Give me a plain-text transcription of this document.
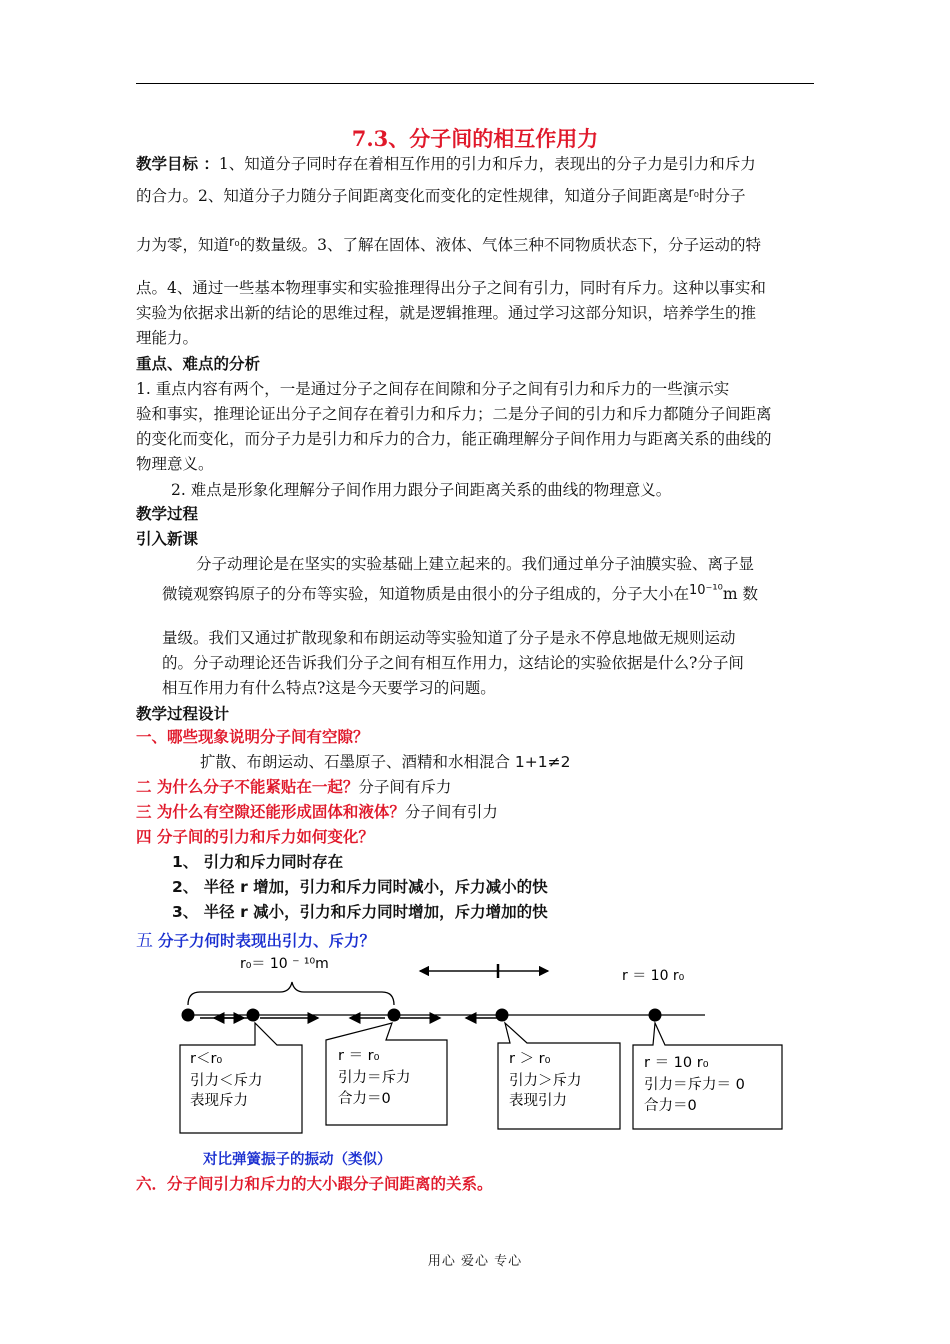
7.3、分子间的相互作用力
教学目标 ：1、知道分子同时存在着相互作用的引力和斥力，表现出的分子力是引力和斥力
的合力。2、知道分子力随分子间距离变化而变化的定性规律，知道分子间距离是$^{r_0}$时分子
力为零，知道$^{r_0}$的数量级。3、了解在固体、液体、气体三种不同物质状态下，分子运动的特
点。4、通过一些基本物理事实和实验推理得出分子之间有引力，同时有斥力。这种以事实和
实验为依据求出新的结论的思维过程，就是逻辑推理。通过学习这部分知识，培养学生的推
理能力。
重点、难点的分析
1. 重点内容有两个，一是通过分子之间存在间隙和分子之间有引力和斥力的一些演示实
验和事实，推理论证出分子之间存在着引力和斥力；二是分子间的引力和斥力都随分子间距离
的变化而变化，而分子力是引力和斥力的合力，能正确理解分子间作用力与距离关系的曲线的
物理意义。
2. 难点是形象化理解分子间作用力跟分子间距离关系的曲线的物理意义。
教学过程
引入新课
分子动理论是在坚实的实验基础上建立起来的。我们通过单分子油膜实验、离子显
微镜观察钨原子的分布等实验，知道物质是由很小的分子组成的，分子大小在$^{10^{-10}}$m 数
量级。我们又通过扩散现象和布朗运动等实验知道了分子是永不停息地做无规则运动
的。分子动理论还告诉我们分子之间有相互作用力，这结论的实验依据是什么?分子间
相互作用力有什么特点?这是今天要学习的问题。
教学过程设计
一、哪些现象说明分子间有空隙？
扩散、布朗运动、石墨原子、酒精和水相混合 1+1≠2
二 为什么分子不能紧贴在一起？分子间有斥力
三 为什么有空隙还能形成固体和液体？分子间有引力
四 分子间的引力和斥力如何变化？
1、 引力和斥力同时存在
2、 半径 r 增加，引力和斥力同时减小，斥力减小的快
3、 半径 r 减小，引力和斥力同时增加，斥力增加的快
五 分子力何时表现出引力、斥力？
r₀＝ 10 ⁻ ¹⁰m
r ＝ 10 r₀
r＜r₀
引力＜斥力
表现斥力
r ＝ r₀
引力＝斥力
合力＝0
r ＞ r₀
引力＞斥力
表现引力
r ＝ 10 r₀
引力＝斥力＝ 0
合力＝0
对比弹簧振子的振动（类似）
六．分子间引力和斥力的大小跟分子间距离的关系。
用心 爱心 专心
